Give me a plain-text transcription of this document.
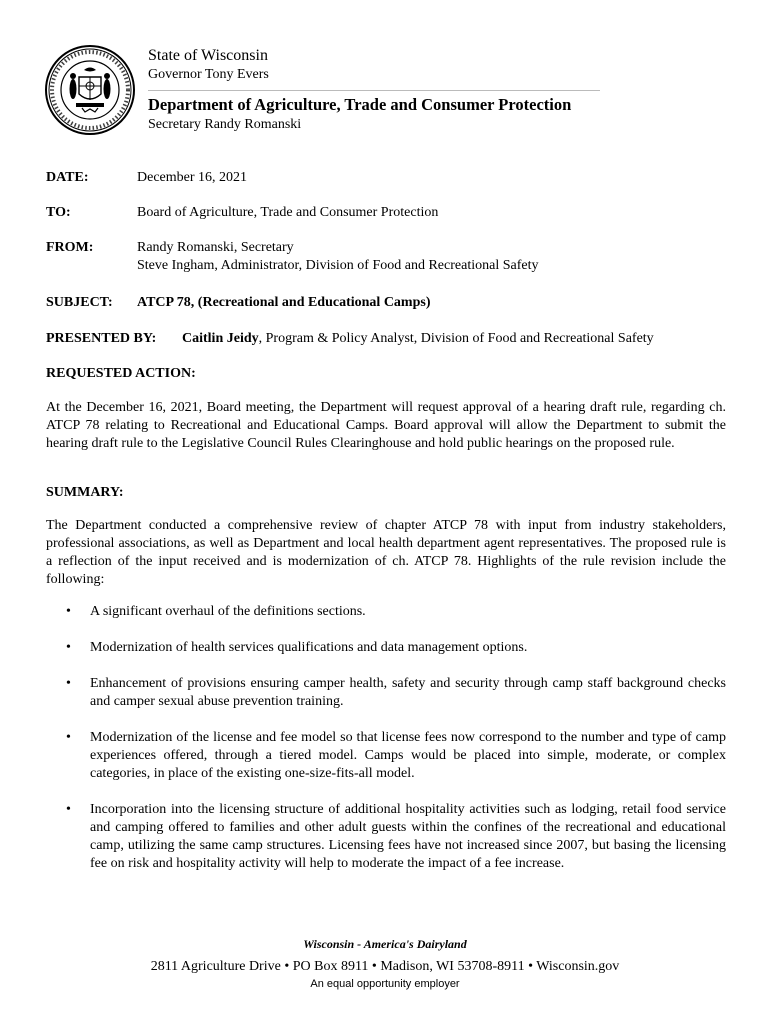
State of Wisconsin
Governor Tony Evers
Department of Agriculture, Trade and Consumer Protection
Secretary Randy Romanski
DATE:	December 16, 2021
TO:	Board of Agriculture, Trade and Consumer Protection
FROM:	Randy Romanski, Secretary
Steve Ingham, Administrator, Division of Food and Recreational Safety
SUBJECT: ATCP 78, (Recreational and Educational Camps)
PRESENTED BY: Caitlin Jeidy, Program & Policy Analyst, Division of Food and Recreational Safety
REQUESTED ACTION:

At the December 16, 2021, Board meeting, the Department will request approval of a hearing draft rule, regarding ch. ATCP 78 relating to Recreational and Educational Camps. Board approval will allow the Department to submit the hearing draft rule to the Legislative Council Rules Clearinghouse and hold public hearings on the proposed rule.

SUMMARY:

The Department conducted a comprehensive review of chapter ATCP 78 with input from industry stakeholders, professional associations, as well as Department and local health department agent representatives. The proposed rule is a reflection of the input received and is modernization of ch. ATCP 78. Highlights of the rule revision include the following:

• A significant overhaul of the definitions sections.
• Modernization of health services qualifications and data management options.
• Enhancement of provisions ensuring camper health, safety and security through camp staff background checks and camper sexual abuse prevention training.
• Modernization of the license and fee model so that license fees now correspond to the number and type of camp experiences offered, through a tiered model. Camps would be placed into simple, moderate, or complex categories, in place of the existing one-size-fits-all model.
• Incorporation into the licensing structure of additional hospitality activities such as lodging, retail food service and camping offered to families and other adult guests within the confines of the recreational and educational camp, utilizing the same camp structures. Licensing fees have not increased since 2007, but basing the licensing fee on risk and hospitality activity will help to moderate the impact of a fee increase.
Wisconsin - America's Dairyland
2811 Agriculture Drive • PO Box 8911 • Madison, WI 53708-8911 • Wisconsin.gov
An equal opportunity employer
